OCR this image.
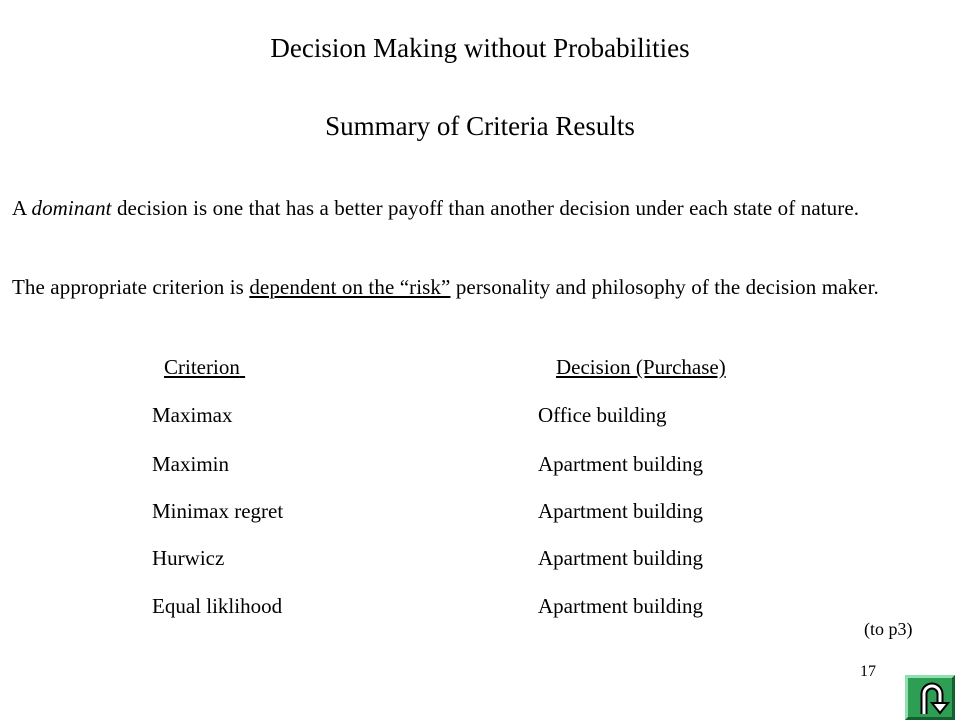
Decision Making without Probabilities
Summary of Criteria Results
A dominant decision is one that has a better payoff than another decision under each state of nature.
The appropriate criterion is dependent on the “risk” personality and philosophy of the decision maker.
Criterion	Decision (Purchase)
Maximax	Office building
Maximin	Apartment building
Minimax regret	Apartment building
Hurwicz	Apartment building
Equal liklihood	Apartment building
(to p3)
17
